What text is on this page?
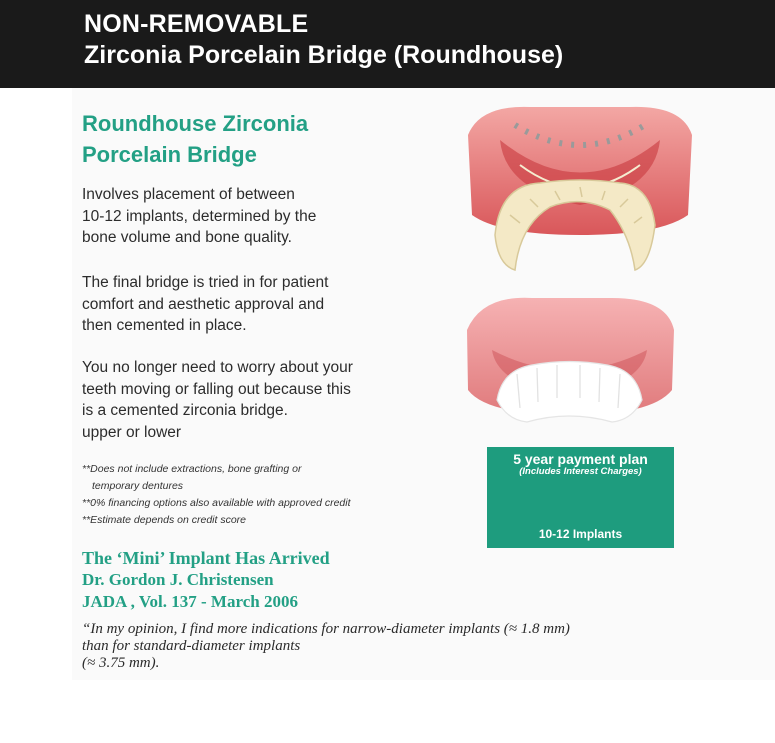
NON-REMOVABLE
Zirconia Porcelain Bridge (Roundhouse)
Roundhouse Zirconia
Porcelain Bridge
Involves placement of between
10-12 implants, determined by the
bone volume and bone quality.
The final bridge is tried in for patient
comfort and aesthetic approval and
then cemented in place.
You no longer need to worry about your
teeth moving or falling out because this
is a cemented zirconia bridge.
upper or lower
**Does not include extractions, bone grafting or
temporary dentures
**0% financing options also available with approved credit
**Estimate depends on credit score
The ‘Mini’ Implant Has Arrived
Dr. Gordon J. Christensen
JADA , Vol. 137 - March 2006
“In my opinion, I find more indications for narrow-diameter implants (≈ 1.8 mm)
than for standard-diameter implants
(≈ 3.75 mm).
5 year payment plan
(Includes Interest Charges)
10-12 Implants
